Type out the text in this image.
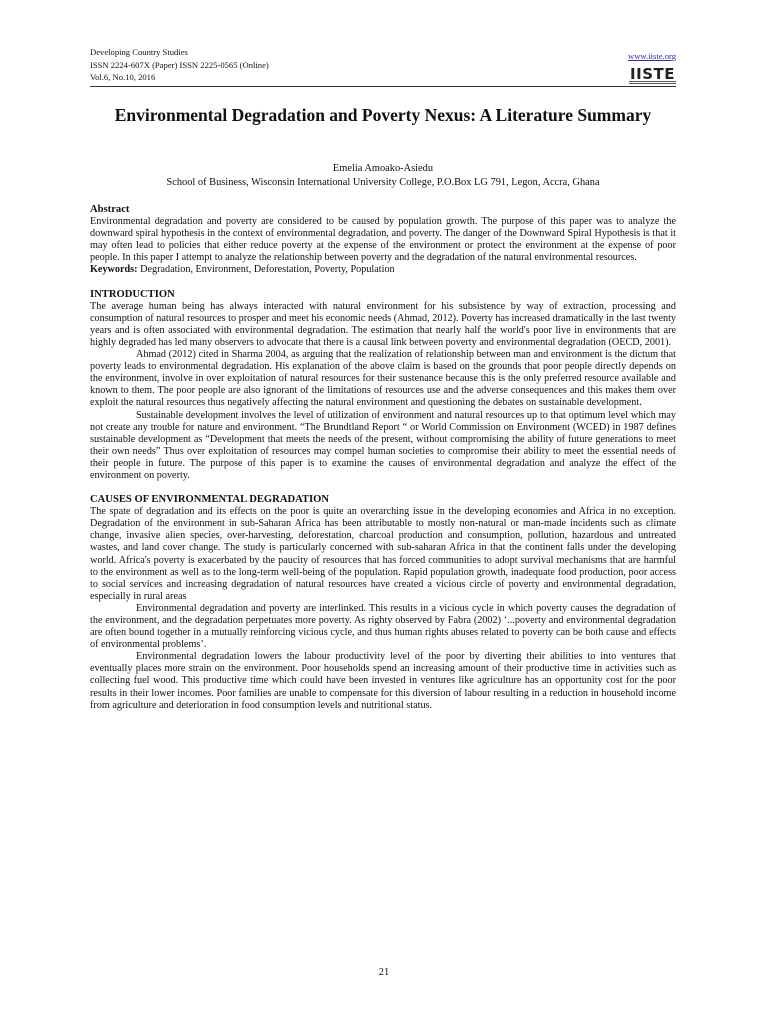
Developing Country Studies
ISSN 2224-607X (Paper) ISSN 2225-0565 (Online)
Vol.6, No.10, 2016
www.iiste.org
IISTE
Environmental Degradation and Poverty Nexus: A Literature Summary
Emelia Amoako-Asiedu
School of Business, Wisconsin International University College, P.O.Box LG 791, Legon, Accra, Ghana

Abstract

Environmental degradation and poverty are considered to be caused by population growth. The purpose of this paper was to analyze the downward spiral hypothesis in the context of environmental degradation, and poverty. The danger of the Downward Spiral Hypothesis is that it may often lead to policies that either reduce poverty at the expense of the environment or protect the environment at the expense of poor people. In this paper I attempt to analyze the relationship between poverty and the degradation of the natural environmental resources.

Keywords: Degradation, Environment, Deforestation, Poverty, Population

INTRODUCTION

The average human being has always interacted with natural environment for his subsistence by way of extraction, processing and consumption of natural resources to prosper and meet his economic needs (Ahmad, 2012). Poverty has increased dramatically in the last twenty years and is often associated with environmental degradation. The estimation that nearly half the world's poor live in environments that are highly degraded has led many observers to advocate that there is a causal link between poverty and environmental degradation (OECD, 2001).

Ahmad (2012) cited in Sharma 2004, as arguing that the realization of relationship between man and environment is the dictum that poverty leads to environmental degradation. His explanation of the above claim is based on the grounds that poor people directly depends on the environment, involve in over exploitation of natural resources for their sustenance because this is the only preferred resource available and known to them. The poor people are also ignorant of the limitations of resources use and the adverse consequences and this makes them over exploit the natural resources thus negatively affecting the natural environment and questioning the debates on sustainable development.

Sustainable development involves the level of utilization of environment and natural resources up to that optimum level which may not create any trouble for nature and environment. “The Brundtland Report “ or World Commission on Environment (WCED) in 1987 defines sustainable development as “Development that meets the needs of the present, without compromising the ability of future generations to meet their own needs” Thus over exploitation of resources may compel human societies to compromise their ability to meet the essential needs of their people in future. The purpose of this paper is to examine the causes of environmental degradation and analyze the effect of the environment on poverty.

CAUSES OF ENVIRONMENTAL DEGRADATION

The spate of degradation and its effects on the poor is quite an overarching issue in the developing economies and Africa in no exception. Degradation of the environment in sub-Saharan Africa has been attributable to mostly non-natural or man-made incidents such as climate change, invasive alien species, over-harvesting, deforestation, charcoal production and consumption, pollution, hazardous and untreated wastes, and land cover change. The study is particularly concerned with sub-saharan Africa in that the continent falls under the developing world. Africa's poverty is exacerbated by the paucity of resources that has forced communities to adopt survival mechanisms that are harmful to the environment as well as to the long-term well-being of the population. Rapid population growth, inadequate food production, poor access to social services and increasing degradation of natural resources have created a vicious circle of poverty and environmental degradation, especially in rural areas

Environmental degradation and poverty are interlinked. This results in a vicious cycle in which poverty causes the degradation of the environment, and the degradation perpetuates more poverty. As righty observed by Fabra (2002) ‘...poverty and environmental degradation are often bound together in a mutually reinforcing vicious cycle, and thus human rights abuses related to poverty can be both cause and effects of environmental problems’.

Environmental degradation lowers the labour productivity level of the poor by diverting their abilities to into ventures that eventually places more strain on the environment. Poor households spend an increasing amount of their productive time in activities such as collecting fuel wood. This productive time which could have been invested in ventures like agriculture has an opportunity cost for the poor results in their lower incomes. Poor families are unable to compensate for this diversion of labour resulting in a reduction in household income from agriculture and deterioration in food consumption levels and nutritional status.

21
